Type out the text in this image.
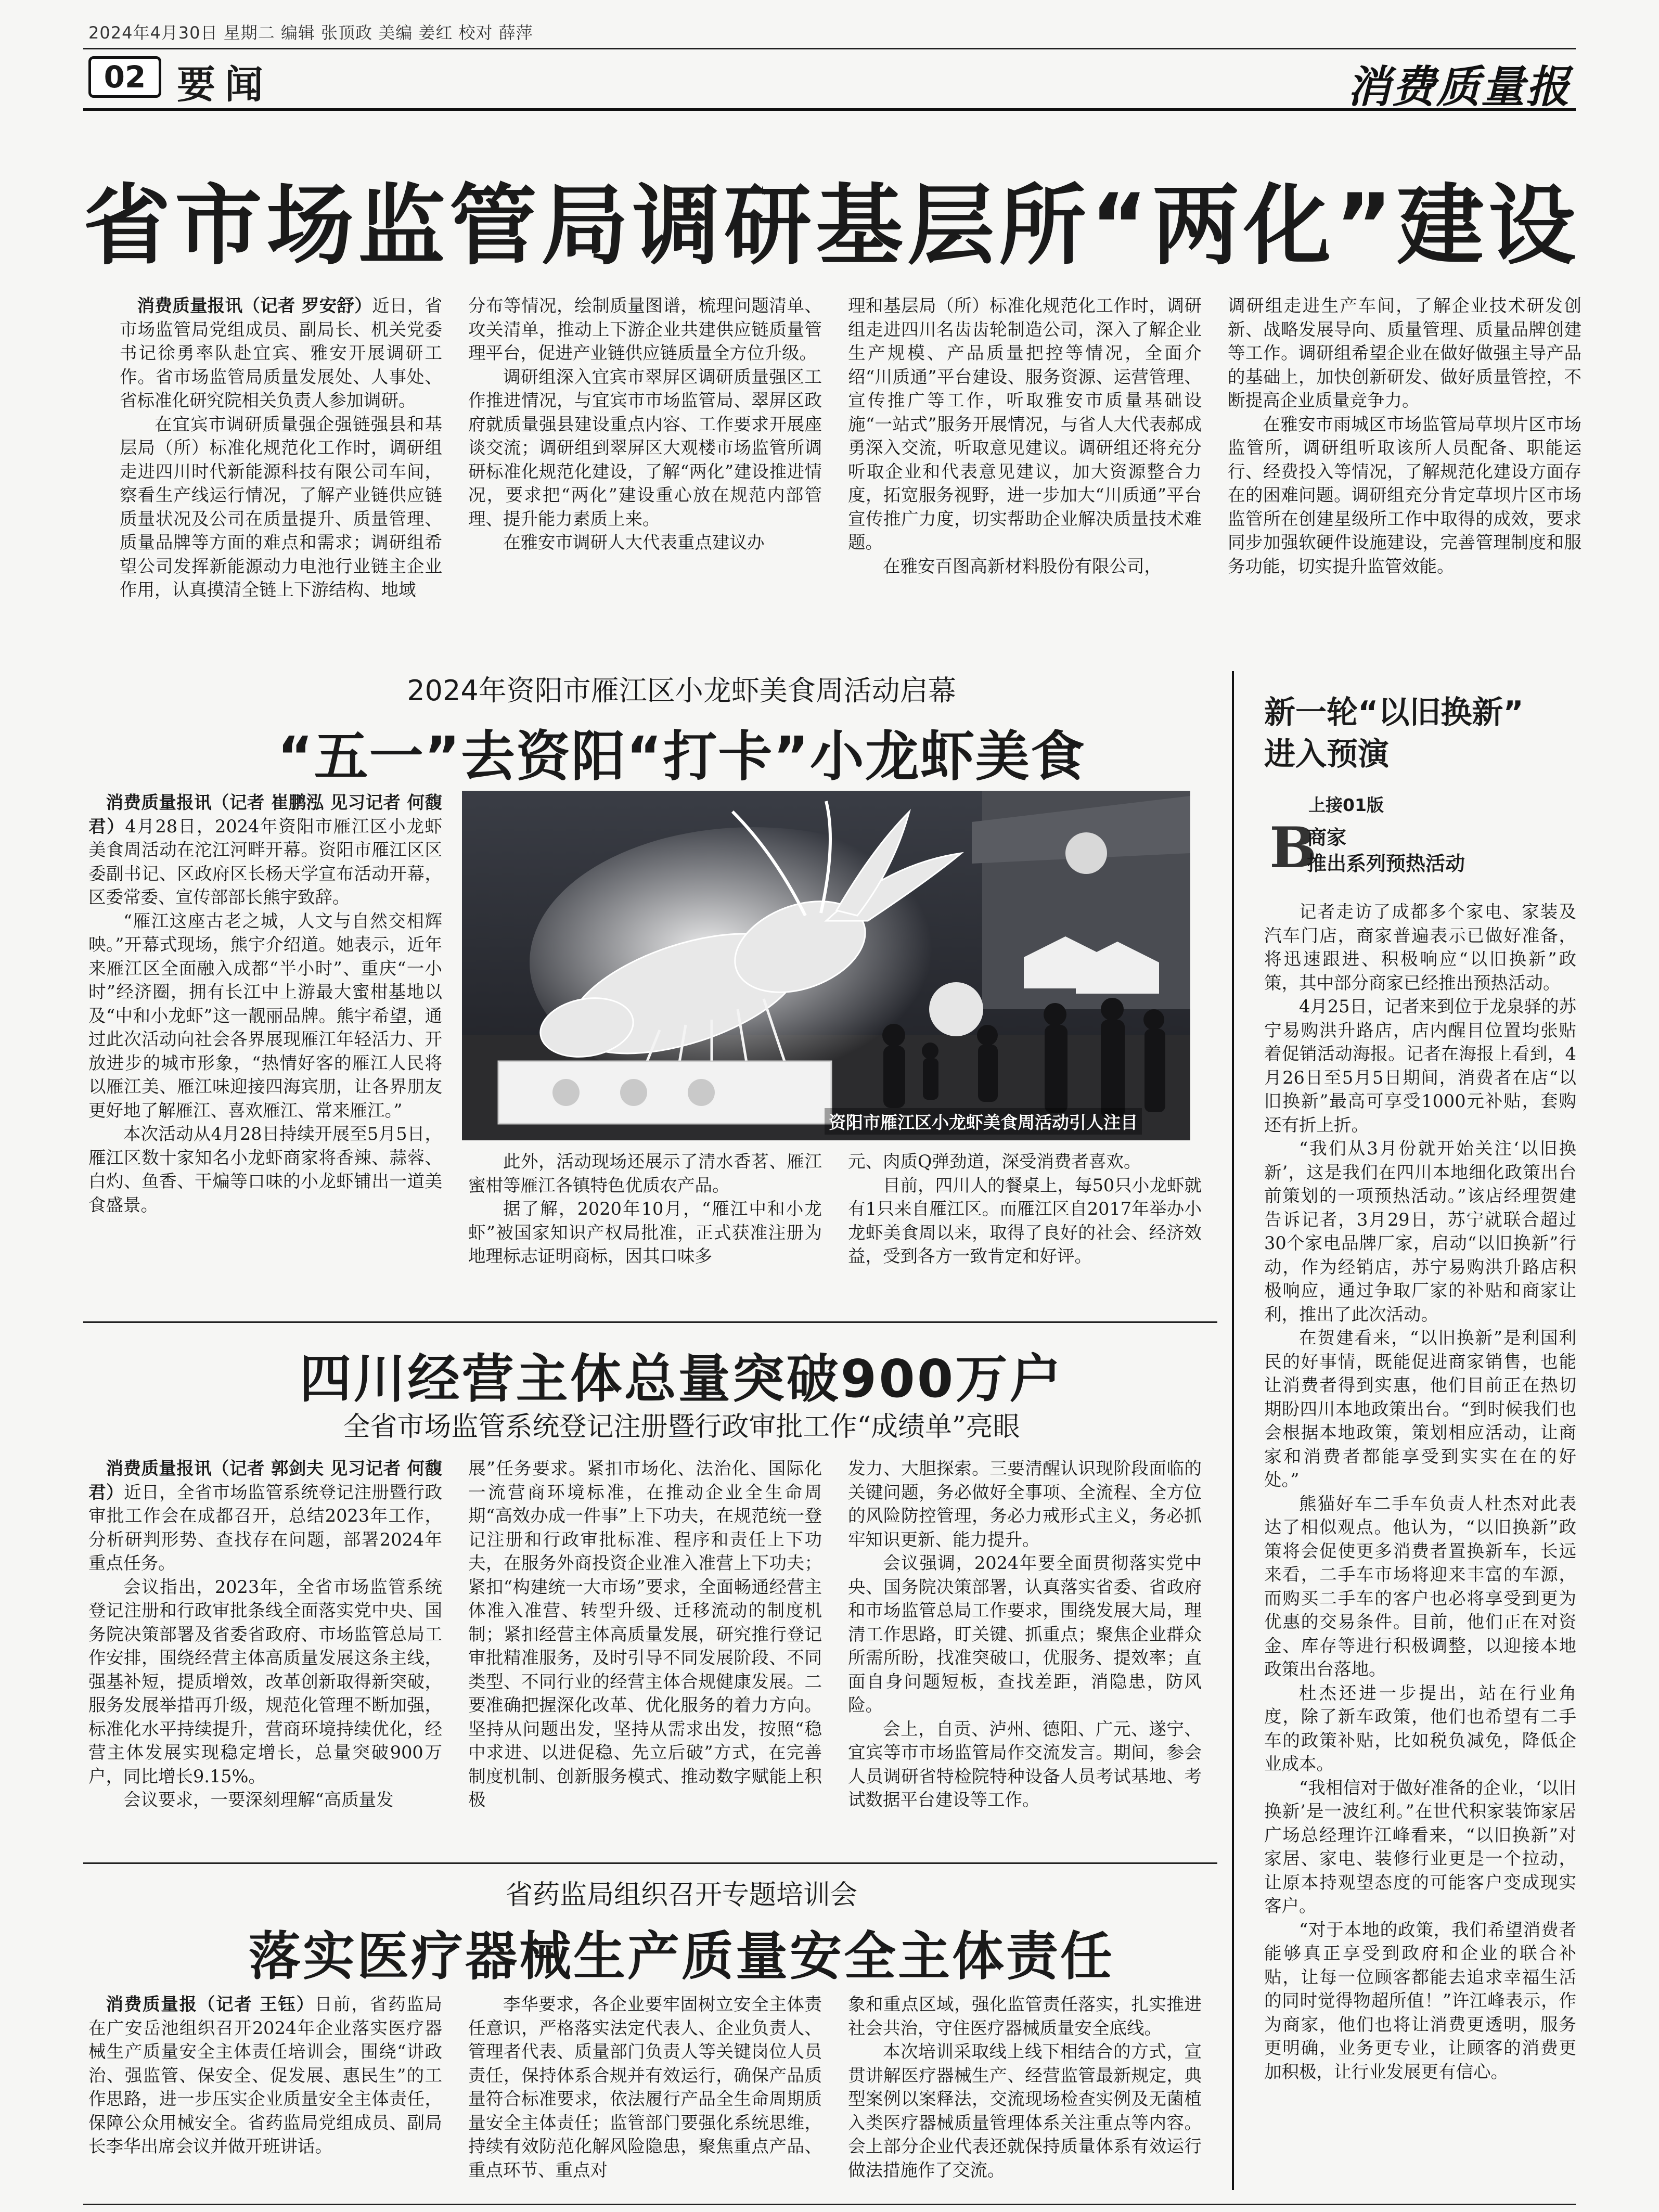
2024年4月30日 星期二 编辑 张顶政 美编 姜红 校对 薛萍
02 要闻	消费质量报
省市场监管局调研基层所“两化”建设

消费质量报讯（记者 罗安舒）近日，省市场监管局党组成员、副局长、机关党委书记徐勇率队赴宜宾、雅安开展调研工作。省市场监管局质量发展处、人事处、省标准化研究院相关负责人参加调研。

在宜宾市调研质量强企强链强县和基层局（所）标准化规范化工作时，调研组走进四川时代新能源科技有限公司车间，察看生产线运行情况，了解产业链供应链质量状况及公司在质量提升、质量管理、质量品牌等方面的难点和需求；调研组希望公司发挥新能源动力电池行业链主企业作用，认真摸清全链上下游结构、地域

分布等情况，绘制质量图谱，梳理问题清单、攻关清单，推动上下游企业共建供应链质量管理平台，促进产业链供应链质量全方位升级。

调研组深入宜宾市翠屏区调研质量强区工作推进情况，与宜宾市市场监管局、翠屏区政府就质量强县建设重点内容、工作要求开展座谈交流；调研组到翠屏区大观楼市场监管所调研标准化规范化建设，了解“两化”建设推进情况，要求把“两化”建设重心放在规范内部管理、提升能力素质上来。

在雅安市调研人大代表重点建议办

理和基层局（所）标准化规范化工作时，调研组走进四川名齿齿轮制造公司，深入了解企业生产规模、产品质量把控等情况，全面介绍“川质通”平台建设、服务资源、运营管理、宣传推广等工作，听取雅安市质量基础设施“一站式”服务开展情况，与省人大代表郝成勇深入交流，听取意见建议。调研组还将充分听取企业和代表意见建议，加大资源整合力度，拓宽服务视野，进一步加大“川质通”平台宣传推广力度，切实帮助企业解决质量技术难题。

在雅安百图高新材料股份有限公司，

调研组走进生产车间，了解企业技术研发创新、战略发展导向、质量管理、质量品牌创建等工作。调研组希望企业在做好做强主导产品的基础上，加快创新研发、做好质量管控，不断提高企业质量竞争力。

在雅安市雨城区市场监管局草坝片区市场监管所，调研组听取该所人员配备、职能运行、经费投入等情况，了解规范化建设方面存在的困难问题。调研组充分肯定草坝片区市场监管所在创建星级所工作中取得的成效，要求同步加强软硬件设施建设，完善管理制度和服务功能，切实提升监管效能。

2024年资阳市雁江区小龙虾美食周活动启幕
“五一”去资阳“打卡”小龙虾美食

消费质量报讯（记者 崔鹏泓 见习记者 何馥君）4月28日，2024年资阳市雁江区小龙虾美食周活动在沱江河畔开幕。资阳市雁江区区委副书记、区政府区长杨天学宣布活动开幕，区委常委、宣传部部长熊宇致辞。

“雁江这座古老之城，人文与自然交相辉映。”开幕式现场，熊宇介绍道。她表示，近年来雁江区全面融入成都“半小时”、重庆“一小时”经济圈，拥有长江中上游最大蜜柑基地以及“中和小龙虾”这一靓丽品牌。熊宇希望，通过此次活动向社会各界展现雁江年轻活力、开放进步的城市形象，“热情好客的雁江人民将以雁江美、雁江味迎接四海宾朋，让各界朋友更好地了解雁江、喜欢雁江、常来雁江。”

本次活动从4月28日持续开展至5月5日，雁江区数十家知名小龙虾商家将香辣、蒜蓉、白灼、鱼香、干煸等口味的小龙虾铺出一道美食盛景。

资阳市雁江区小龙虾美食周活动引人注目

此外，活动现场还展示了清水香茗、雁江蜜柑等雁江各镇特色优质农产品。

据了解，2020年10月，“雁江中和小龙虾”被国家知识产权局批准，正式获准注册为地理标志证明商标，因其口味多

元、肉质Q弹劲道，深受消费者喜欢。

目前，四川人的餐桌上，每50只小龙虾就有1只来自雁江区。而雁江区自2017年举办小龙虾美食周以来，取得了良好的社会、经济效益，受到各方一致肯定和好评。

四川经营主体总量突破900万户
全省市场监管系统登记注册暨行政审批工作“成绩单”亮眼

消费质量报讯（记者 郭剑夫 见习记者 何馥君）近日，全省市场监管系统登记注册暨行政审批工作会在成都召开，总结2023年工作，分析研判形势、查找存在问题，部署2024年重点任务。

会议指出，2023年，全省市场监管系统登记注册和行政审批条线全面落实党中央、国务院决策部署及省委省政府、市场监管总局工作安排，围绕经营主体高质量发展这条主线，强基补短，提质增效，改革创新取得新突破，服务发展举措再升级，规范化管理不断加强，标准化水平持续提升，营商环境持续优化，经营主体发展实现稳定增长，总量突破900万户，同比增长9.15%。

会议要求，一要深刻理解“高质量发

展”任务要求。紧扣市场化、法治化、国际化一流营商环境标准，在推动企业全生命周期“高效办成一件事”上下功夫，在规范统一登记注册和行政审批标准、程序和责任上下功夫，在服务外商投资企业准入准营上下功夫；紧扣“构建统一大市场”要求，全面畅通经营主体准入准营、转型升级、迁移流动的制度机制；紧扣经营主体高质量发展，研究推行登记审批精准服务，及时引导不同发展阶段、不同类型、不同行业的经营主体合规健康发展。二要准确把握深化改革、优化服务的着力方向。坚持从问题出发，坚持从需求出发，按照“稳中求进、以进促稳、先立后破”方式，在完善制度机制、创新服务模式、推动数字赋能上积极

发力、大胆探索。三要清醒认识现阶段面临的关键问题，务必做好全事项、全流程、全方位的风险防控管理，务必力戒形式主义，务必抓牢知识更新、能力提升。

会议强调，2024年要全面贯彻落实党中央、国务院决策部署，认真落实省委、省政府和市场监管总局工作要求，围绕发展大局，理清工作思路，盯关键、抓重点；聚焦企业群众所需所盼，找准突破口，优服务、提效率；直面自身问题短板，查找差距，消隐患，防风险。

会上，自贡、泸州、德阳、广元、遂宁、宜宾等市市场监管局作交流发言。期间，参会人员调研省特检院特种设备人员考试基地、考试数据平台建设等工作。

省药监局组织召开专题培训会
落实医疗器械生产质量安全主体责任

消费质量报（记者 王钰）日前，省药监局在广安岳池组织召开2024年企业落实医疗器械生产质量安全主体责任培训会，围绕“讲政治、强监管、保安全、促发展、惠民生”的工作思路，进一步压实企业质量安全主体责任，保障公众用械安全。省药监局党组成员、副局长李华出席会议并做开班讲话。

李华要求，各企业要牢固树立安全主体责任意识，严格落实法定代表人、企业负责人、管理者代表、质量部门负责人等关键岗位人员责任，保持体系合规并有效运行，确保产品质量符合标准要求，依法履行产品全生命周期质量安全主体责任；监管部门要强化系统思维，持续有效防范化解风险隐患，聚焦重点产品、重点环节、重点对

象和重点区域，强化监管责任落实，扎实推进社会共治，守住医疗器械质量安全底线。

本次培训采取线上线下相结合的方式，宣贯讲解医疗器械生产、经营监管最新规定，典型案例以案释法，交流现场检查实例及无菌植入类医疗器械质量管理体系关注重点等内容。会上部分企业代表还就保持质量体系有效运行做法措施作了交流。

新一轮“以旧换新”
进入预演
上接01版
B
商家
推出系列预热活动

记者走访了成都多个家电、家装及汽车门店，商家普遍表示已做好准备，将迅速跟进、积极响应“以旧换新”政策，其中部分商家已经推出预热活动。

4月25日，记者来到位于龙泉驿的苏宁易购洪升路店，店内醒目位置均张贴着促销活动海报。记者在海报上看到，4月26日至5月5日期间，消费者在店“以旧换新”最高可享受1000元补贴，套购还有折上折。

“我们从3月份就开始关注‘以旧换新’，这是我们在四川本地细化政策出台前策划的一项预热活动。”该店经理贺建告诉记者，3月29日，苏宁就联合超过30个家电品牌厂家，启动“以旧换新”行动，作为经销店，苏宁易购洪升路店积极响应，通过争取厂家的补贴和商家让利，推出了此次活动。

在贺建看来，“以旧换新”是利国利民的好事情，既能促进商家销售，也能让消费者得到实惠，他们目前正在热切期盼四川本地政策出台。“到时候我们也会根据本地政策，策划相应活动，让商家和消费者都能享受到实实在在的好处。”

熊猫好车二手车负责人杜杰对此表达了相似观点。他认为，“以旧换新”政策将会促使更多消费者置换新车，长远来看，二手车市场将迎来丰富的车源，而购买二手车的客户也必将享受到更为优惠的交易条件。目前，他们正在对资金、库存等进行积极调整，以迎接本地政策出台落地。

杜杰还进一步提出，站在行业角度，除了新车政策，他们也希望有二手车的政策补贴，比如税负减免，降低企业成本。

“我相信对于做好准备的企业，‘以旧换新’是一波红利。”在世代积家装饰家居广场总经理许江峰看来，“以旧换新”对家居、家电、装修行业更是一个拉动，让原本持观望态度的可能客户变成现实客户。

“对于本地的政策，我们希望消费者能够真正享受到政府和企业的联合补贴，让每一位顾客都能去追求幸福生活的同时觉得物超所值！”许江峰表示，作为商家，他们也将让消费更透明，服务更明确，业务更专业，让顾客的消费更加积极，让行业发展更有信心。
